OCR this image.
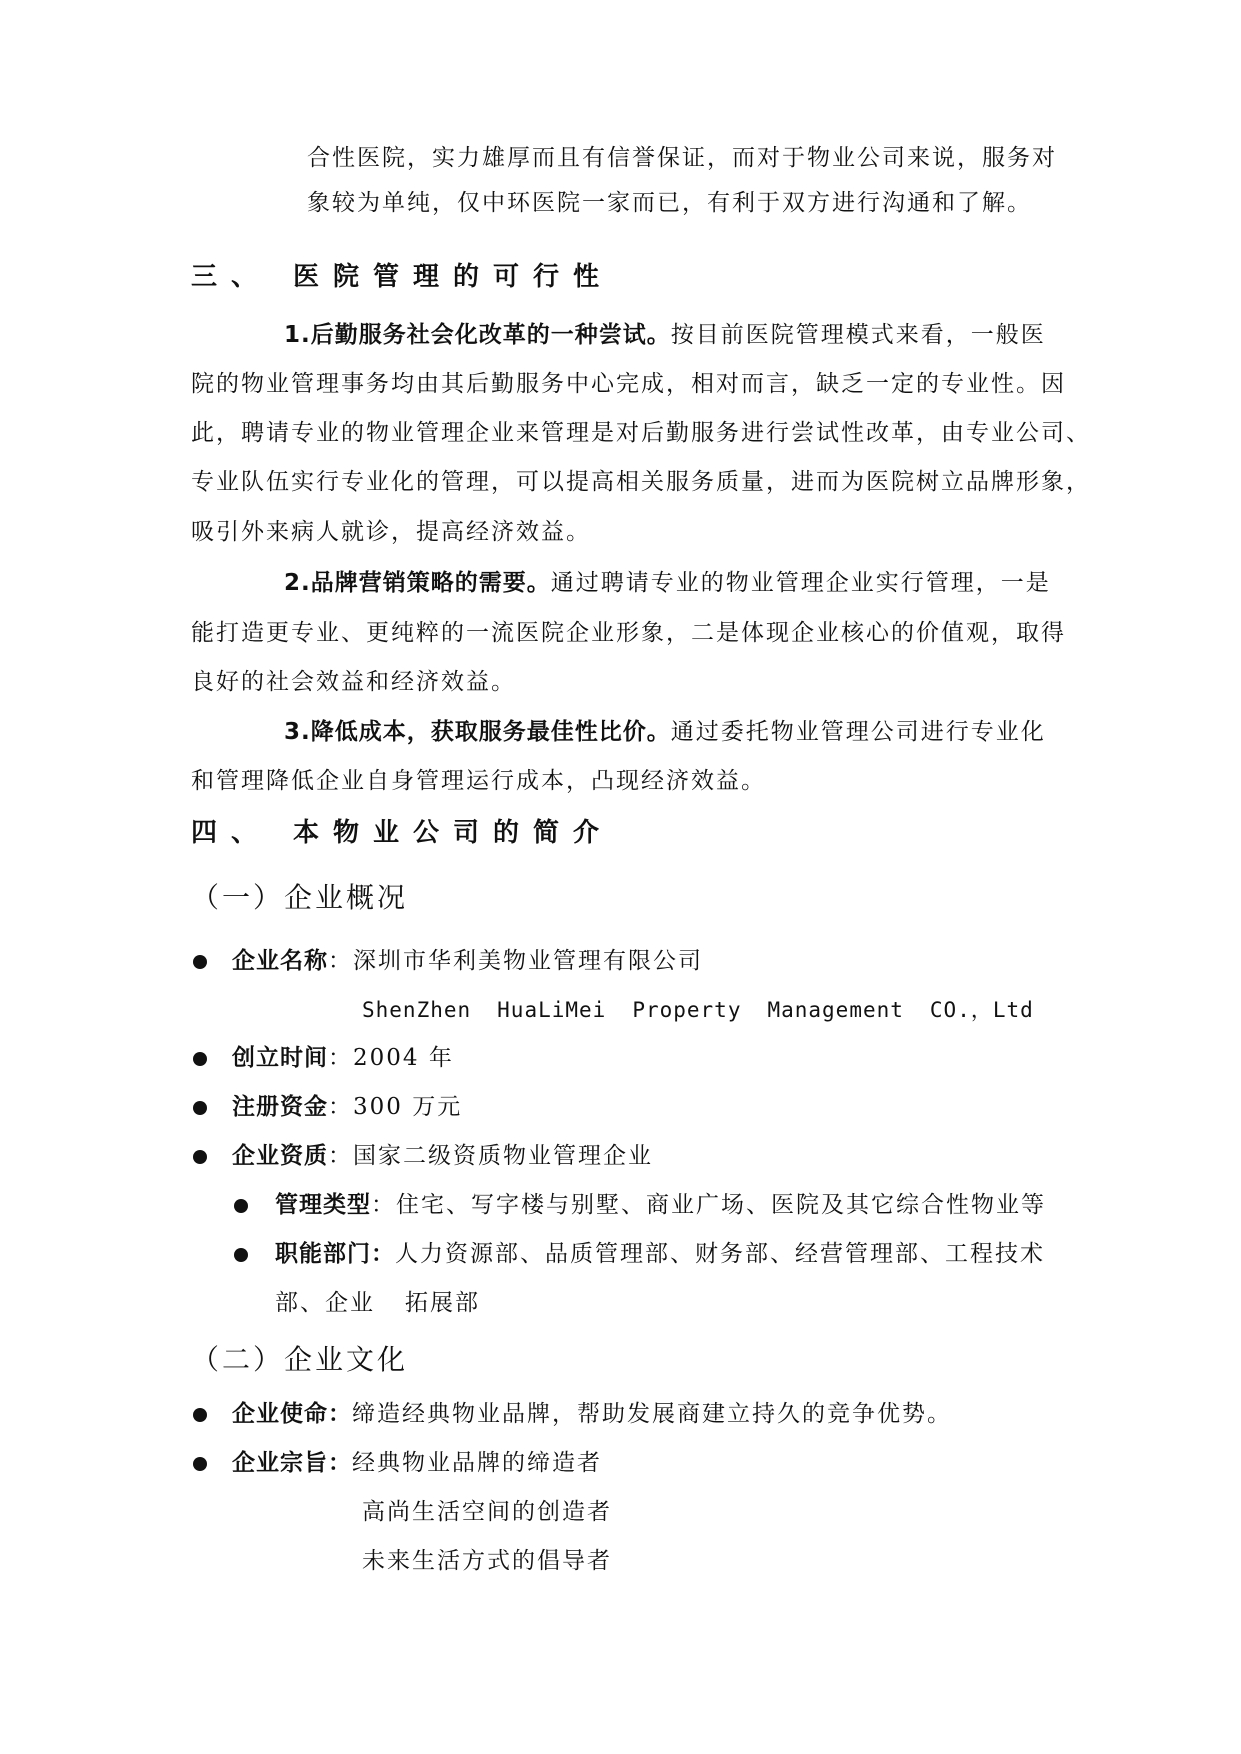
合性医院，实力雄厚而且有信誉保证，而对于物业公司来说，服务对
象较为单纯，仅中环医院一家而已，有利于双方进行沟通和了解。
三、 医院管理的可行性
1.后勤服务社会化改革的一种尝试。按目前医院管理模式来看，一般医
院的物业管理事务均由其后勤服务中心完成，相对而言，缺乏一定的专业性。因
此，聘请专业的物业管理企业来管理是对后勤服务进行尝试性改革，由专业公司、
专业队伍实行专业化的管理，可以提高相关服务质量，进而为医院树立品牌形象，
吸引外来病人就诊，提高经济效益。
2.品牌营销策略的需要。通过聘请专业的物业管理企业实行管理，一是
能打造更专业、更纯粹的一流医院企业形象，二是体现企业核心的价值观，取得
良好的社会效益和经济效益。
3.降低成本，获取服务最佳性比价。通过委托物业管理公司进行专业化
和管理降低企业自身管理运行成本，凸现经济效益。
四、 本物业公司的简介
（一）企业概况
企业名称：深圳市华利美物业管理有限公司
ShenZhen HuaLiMei Property Management CO.，Ltd
创立时间：2004 年
注册资金：300 万元
企业资质：国家二级资质物业管理企业
管理类型：住宅、写字楼与别墅、商业广场、医院及其它综合性物业等
职能部门：人力资源部、品质管理部、财务部、经营管理部、工程技术
部、企业 拓展部
（二）企业文化
企业使命：缔造经典物业品牌，帮助发展商建立持久的竞争优势。
企业宗旨：经典物业品牌的缔造者
高尚生活空间的创造者
未来生活方式的倡导者
